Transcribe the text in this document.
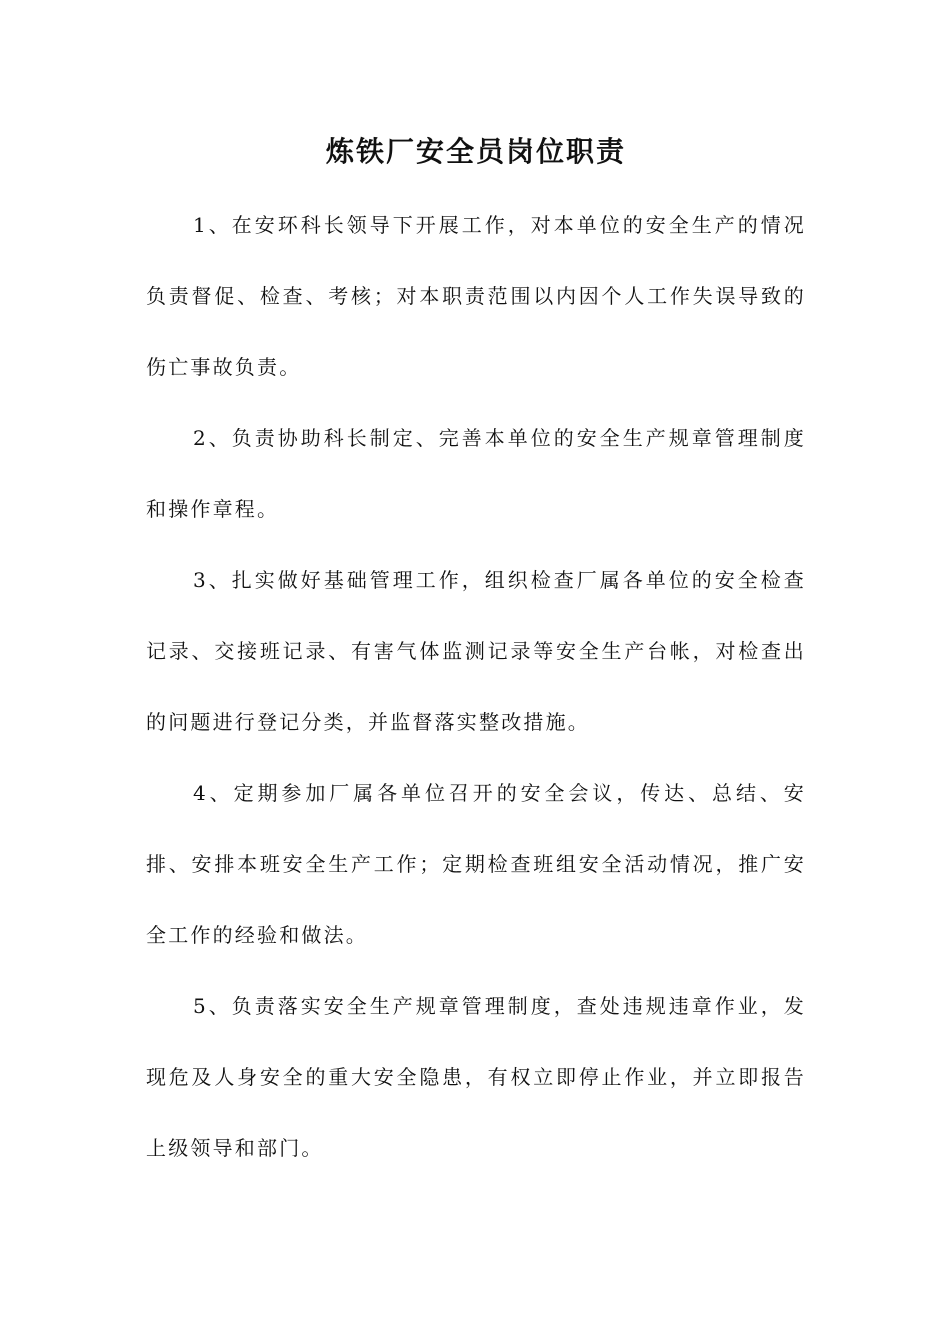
炼铁厂安全员岗位职责

1、在安环科长领导下开展工作，对本单位的安全生产的情况负责督促、检查、考核；对本职责范围以内因个人工作失误导致的伤亡事故负责。

2、负责协助科长制定、完善本单位的安全生产规章管理制度和操作章程。

3、扎实做好基础管理工作，组织检查厂属各单位的安全检查记录、交接班记录、有害气体监测记录等安全生产台帐，对检查出的问题进行登记分类，并监督落实整改措施。

4、定期参加厂属各单位召开的安全会议，传达、总结、安排、安排本班安全生产工作；定期检查班组安全活动情况，推广安全工作的经验和做法。

5、负责落实安全生产规章管理制度，查处违规违章作业，发现危及人身安全的重大安全隐患，有权立即停止作业，并立即报告上级领导和部门。
